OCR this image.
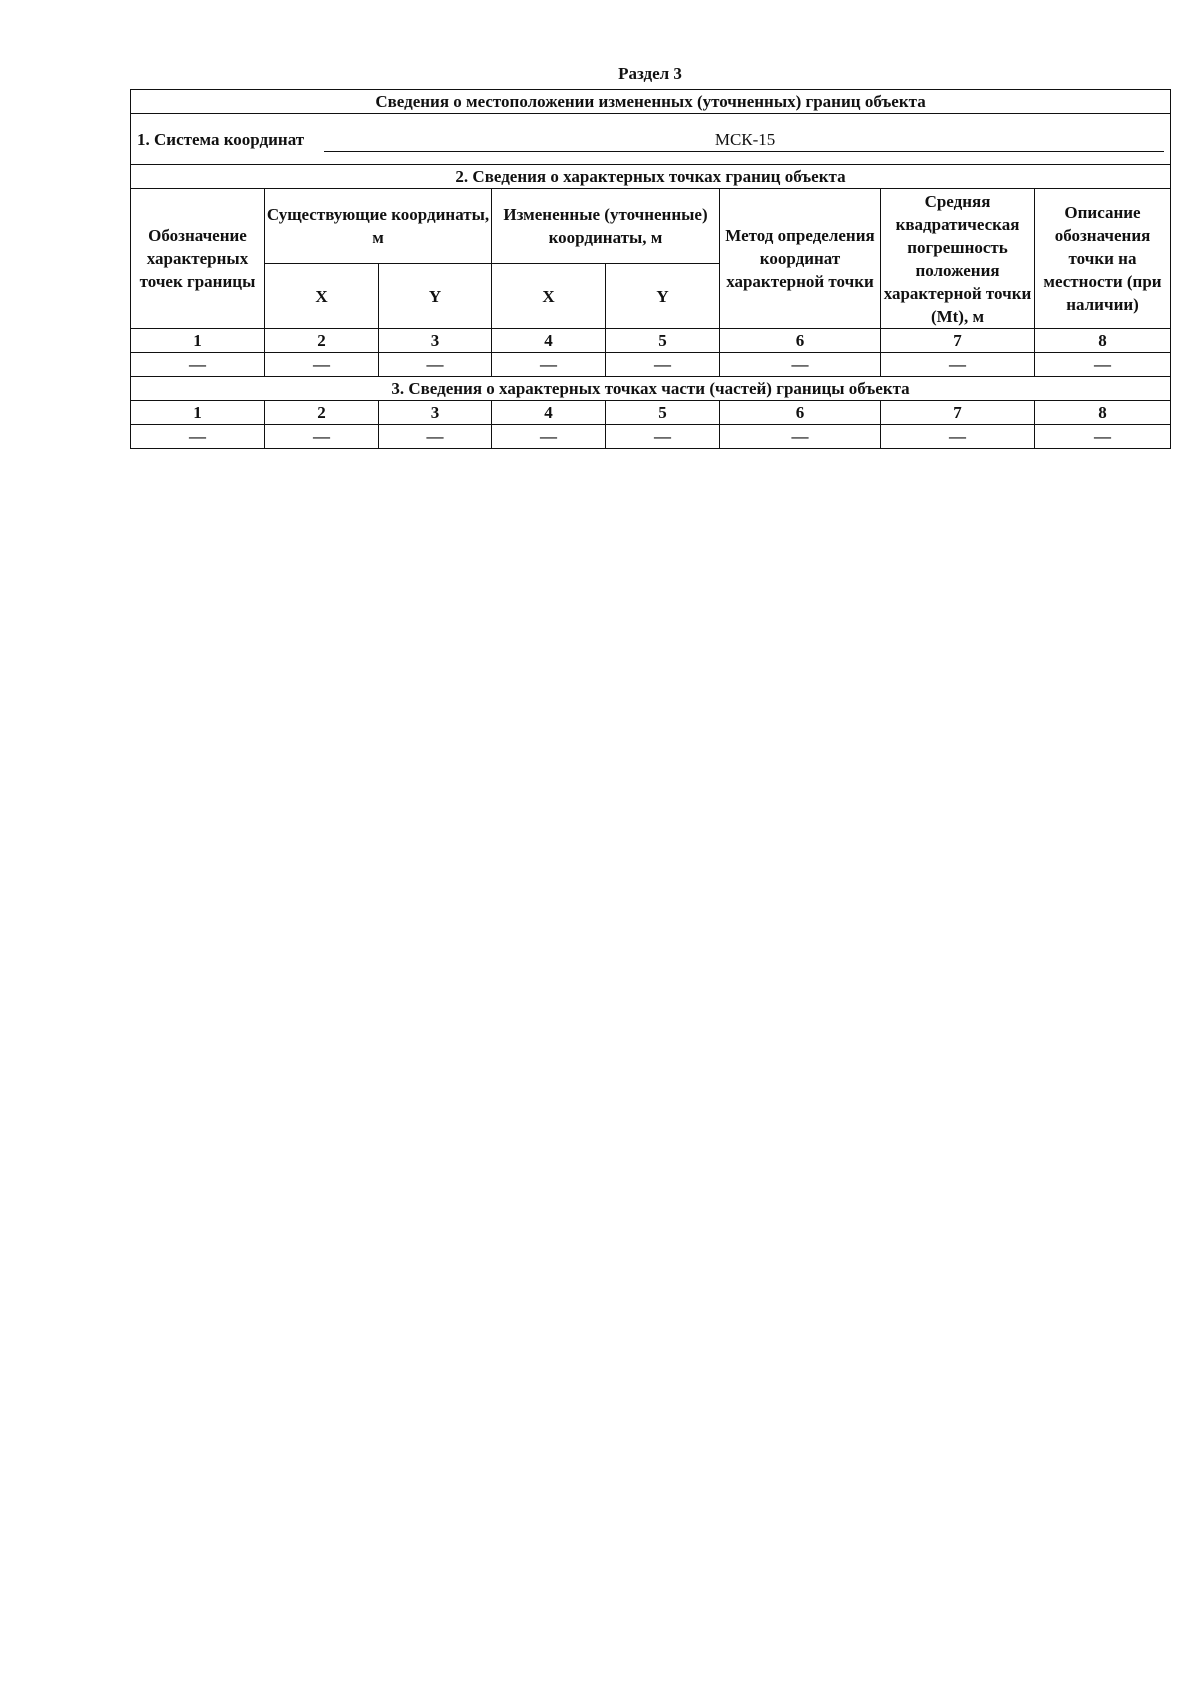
Раздел 3
Сведения о местоположении измененных (уточненных) границ объекта							

1. Система координат МСК-15							

2. Сведения о характерных точках границ объекта							
Обозначение характерных точек границы	Существующие координаты, м		Измененные (уточненные) координаты, м		Метод определения координат характерной точки	Средняя квадратическая погрешность положения характерной точки (Mt), м	Описание обозначения точки на местности (при наличии)
	X	Y	X	Y			
1	2	3	4	5	6	7	8
—	—	—	—	—	—	—	—
3. Сведения о характерных точках части (частей) границы объекта							
1	2	3	4	5	6	7	8
—	—	—	—	—	—	—	—
